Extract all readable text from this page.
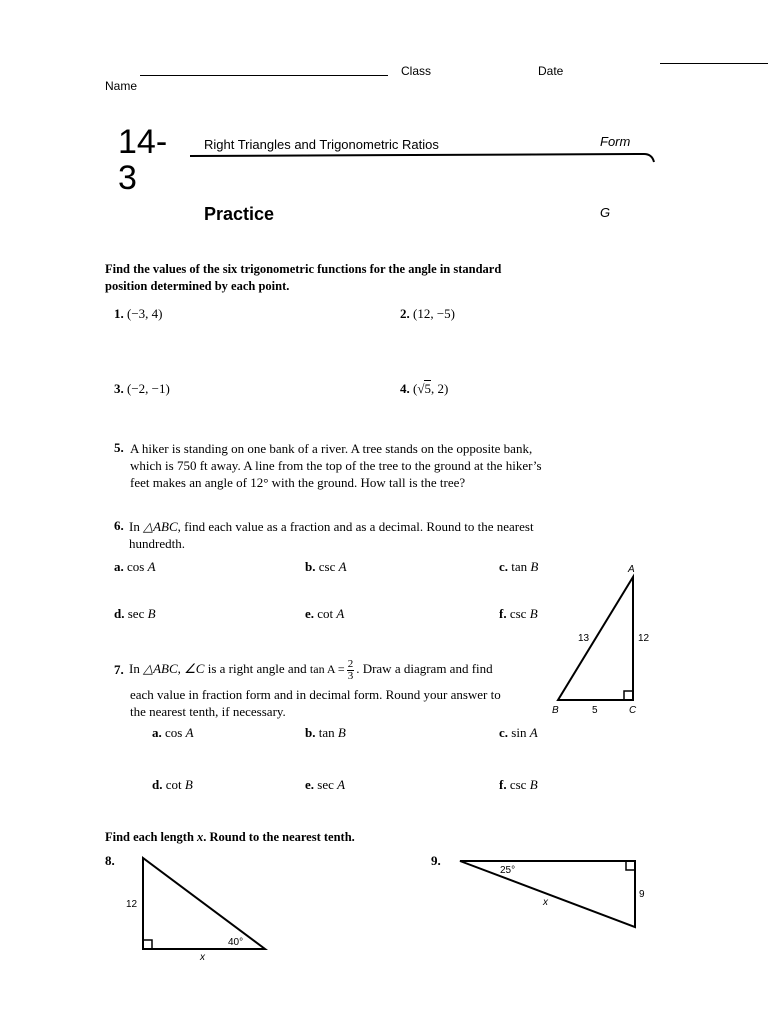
Class	Date
Name
14-
3
Right Triangles and Trigonometric Ratios	Form
Practice	G
Find the values of the six trigonometric functions for the angle in standard
position determined by each point.
1. (−3, 4)	2. (12, −5)
3. (−2, −1)	4. (√5, 2)
5. A hiker is standing on one bank of a river. A tree stands on the opposite bank,
which is 750 ft away. A line from the top of the tree to the ground at the hiker’s
feet makes an angle of 12° with the ground. How tall is the tree?
6. In △ABC, find each value as a fraction and as a decimal. Round to the nearest
hundredth.
a. cos A	b. csc A	c. tan B
d. sec B	e. cot A	f. csc B
A
B	C
13	12
5
7. In △ABC, ∠C is a right angle and $\tan A = \frac{2}{3}$ . Draw a diagram and find
each value in fraction form and in decimal form. Round your answer to
the nearest tenth, if necessary.
a. cos A	b. tan B	c. sin A
d. cot B	e. sec A	f. csc B
Find each length x. Round to the nearest tenth.
8.
12
40°
x
9.
25°
9
x
